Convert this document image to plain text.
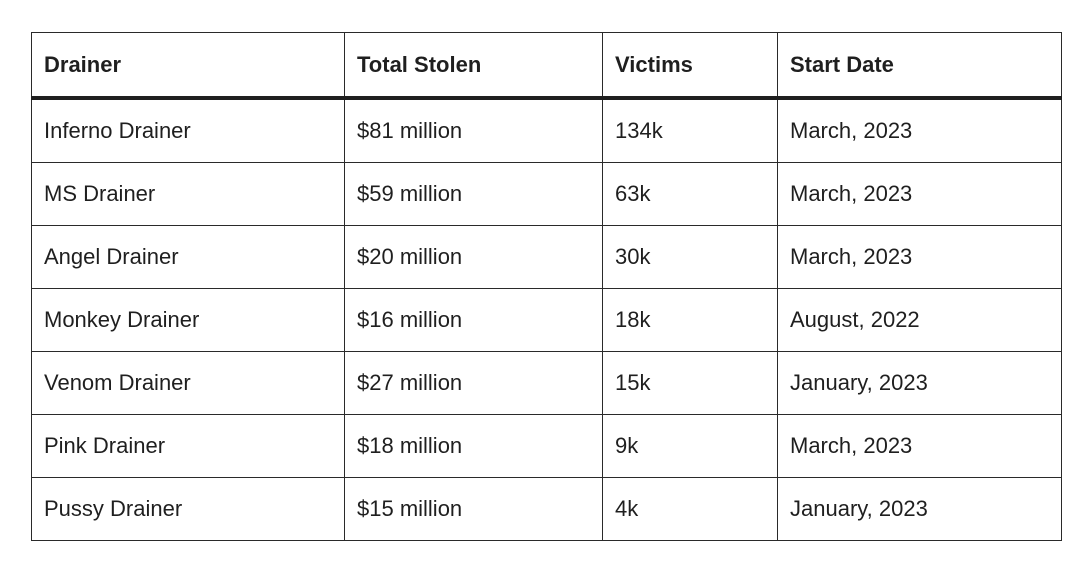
Drainer	Total Stolen	Victims	Start Date
Inferno Drainer	$81 million	134k	March, 2023
MS Drainer	$59 million	63k	March, 2023
Angel Drainer	$20 million	30k	March, 2023
Monkey Drainer	$16 million	18k	August, 2022
Venom Drainer	$27 million	15k	January, 2023
Pink Drainer	$18 million	9k	March, 2023
Pussy Drainer	$15 million	4k	January, 2023
